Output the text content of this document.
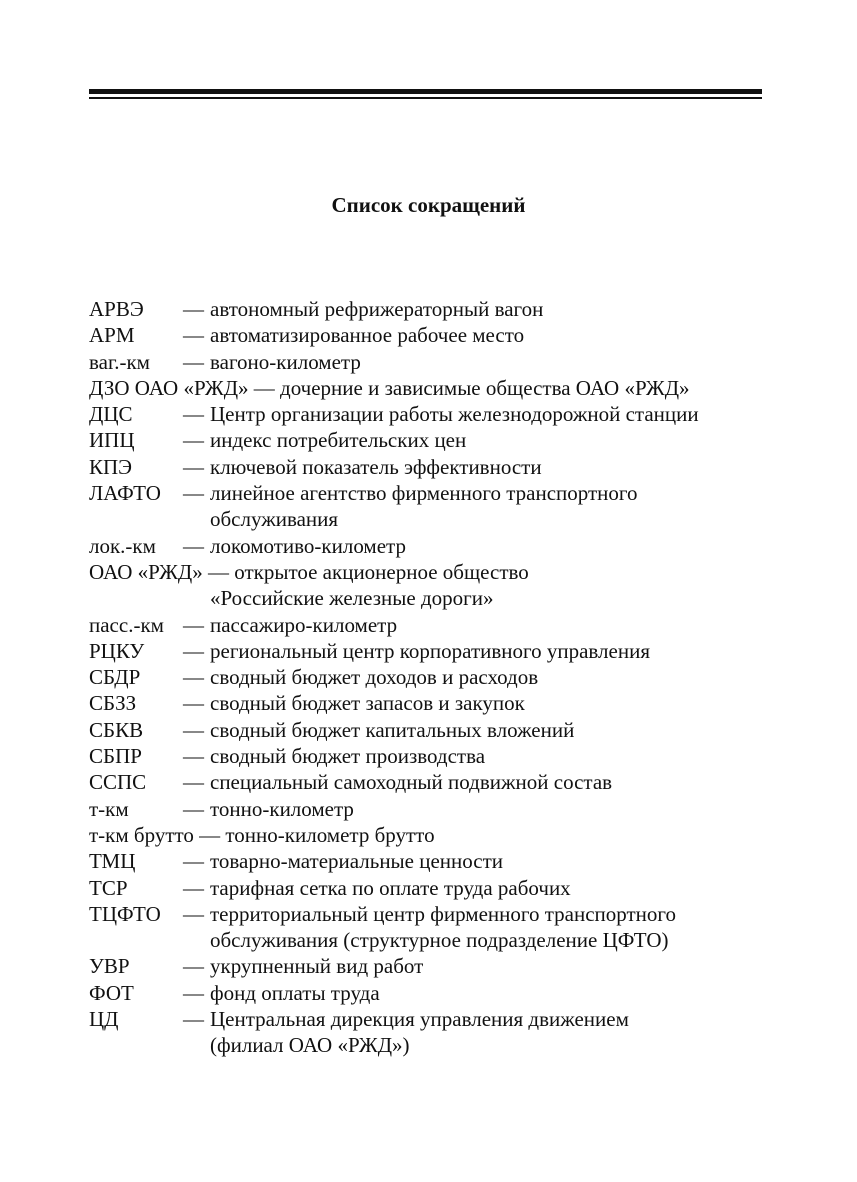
Список сокращений
АРВЭ — автономный рефрижераторный вагон
АРМ — автоматизированное рабочее место
ваг.-км — вагоно-километр
ДЗО ОАО «РЖД» — дочерние и зависимые общества ОАО «РЖД»
ДЦС — Центр организации работы железнодорожной станции
ИПЦ — индекс потребительских цен
КПЭ — ключевой показатель эффективности
ЛАФТО — линейное агентство фирменного транспортного
обслуживания
лок.-км — локомотиво-километр
ОАО «РЖД» — открытое акционерное общество
«Российские железные дороги»
пасс.-км — пассажиро-километр
РЦКУ — региональный центр корпоративного управления
СБДР — сводный бюджет доходов и расходов
СБЗЗ — сводный бюджет запасов и закупок
СБКВ — сводный бюджет капитальных вложений
СБПР — сводный бюджет производства
ССПС — специальный самоходный подвижной состав
т-км	— тонно-километр
т-км брутто — тонно-километр брутто
ТМЦ — товарно-материальные ценности
ТСР	— тарифная сетка по оплате труда рабочих
ТЦФТО — территориальный центр фирменного транспортного
обслуживания (структурное подразделение ЦФТО)
УВР	— укрупненный вид работ
ФОТ — фонд оплаты труда
ЦД	— Центральная дирекция управления движением
(филиал ОАО «РЖД»)
